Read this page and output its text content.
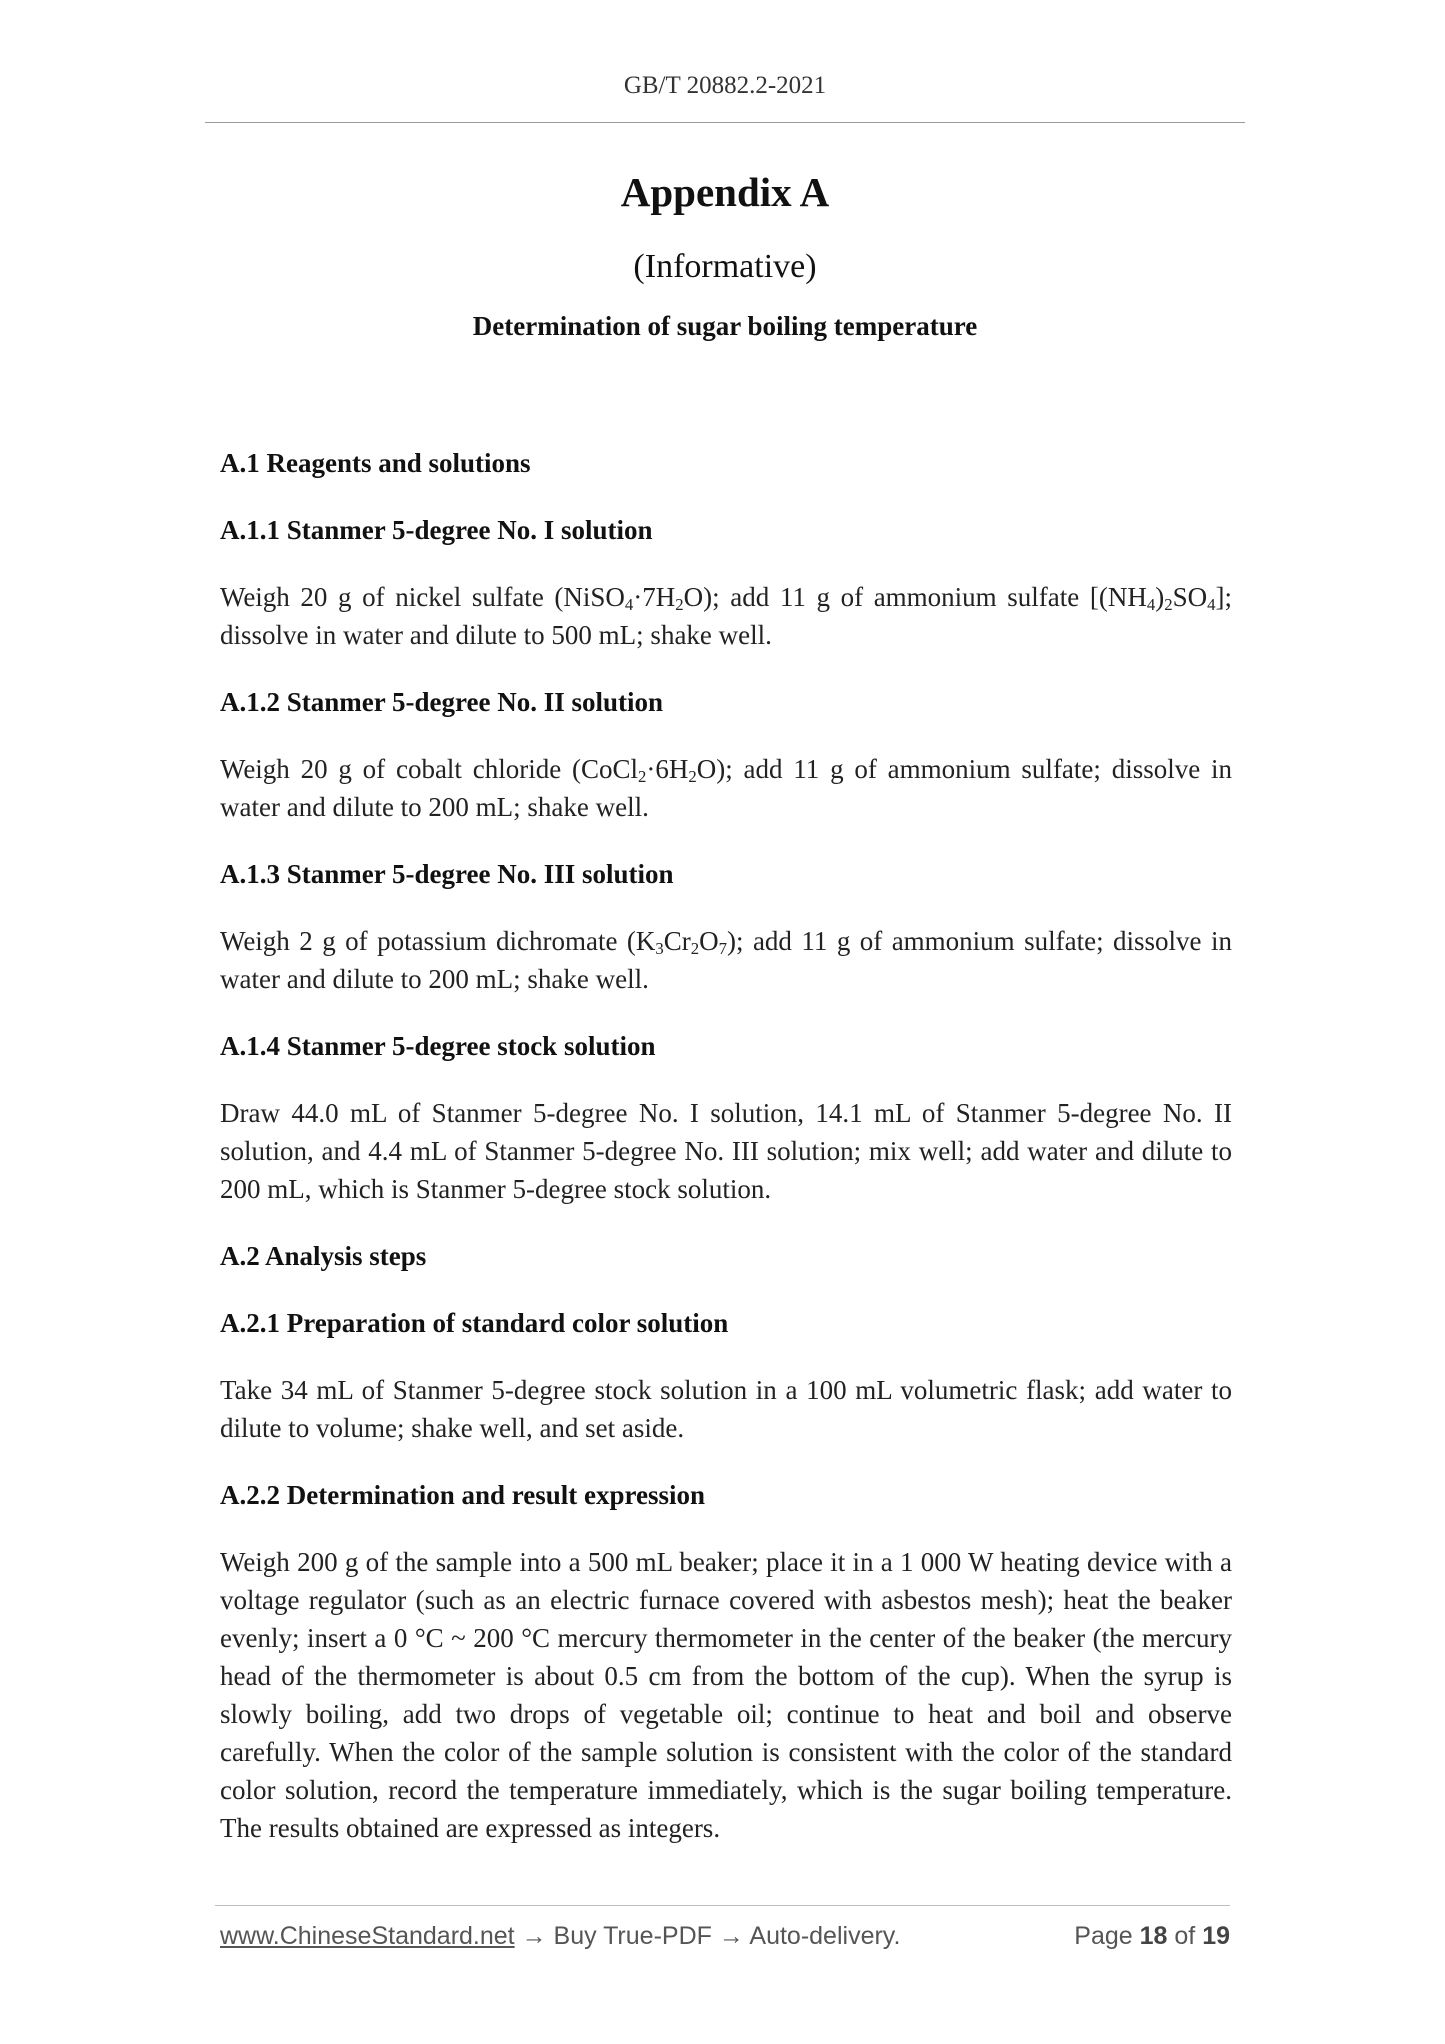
GB/T 20882.2-2021
Appendix A
(Informative)
Determination of sugar boiling temperature
A.1 Reagents and solutions
A.1.1 Stanmer 5-degree No. I solution

Weigh 20 g of nickel sulfate $(NiSO_4\cdot 7H_2O)$; add 11 g of ammonium sulfate $[(NH_4)_2SO_4]$; dissolve in water and dilute to 500 mL; shake well.

A.1.2 Stanmer 5-degree No. II solution

Weigh 20 g of cobalt chloride $(CoCl_2\cdot 6H_2O)$; add 11 g of ammonium sulfate; dissolve in water and dilute to 200 mL; shake well.

A.1.3 Stanmer 5-degree No. III solution

Weigh 2 g of potassium dichromate $(K_3Cr_2O_7)$; add 11 g of ammonium sulfate; dissolve in water and dilute to 200 mL; shake well.

A.1.4 Stanmer 5-degree stock solution

Draw 44.0 mL of Stanmer 5-degree No. I solution, 14.1 mL of Stanmer 5-degree No. II solution, and 4.4 mL of Stanmer 5-degree No. III solution; mix well; add water and dilute to 200 mL, which is Stanmer 5-degree stock solution.

A.2 Analysis steps
A.2.1 Preparation of standard color solution

Take 34 mL of Stanmer 5-degree stock solution in a 100 mL volumetric flask; add water to dilute to volume; shake well, and set aside.

A.2.2 Determination and result expression

Weigh 200 g of the sample into a 500 mL beaker; place it in a 1 000 W heating device with a voltage regulator (such as an electric furnace covered with asbestos mesh); heat the beaker evenly; insert a 0 °C ~ 200 °C mercury thermometer in the center of the beaker (the mercury head of the thermometer is about 0.5 cm from the bottom of the cup). When the syrup is slowly boiling, add two drops of vegetable oil; continue to heat and boil and observe carefully. When the color of the sample solution is consistent with the color of the standard color solution, record the temperature immediately, which is the sugar boiling temperature. The results obtained are expressed as integers.

www.ChineseStandard.net → Buy True-PDF → Auto-delivery.	Page 18 of 19
